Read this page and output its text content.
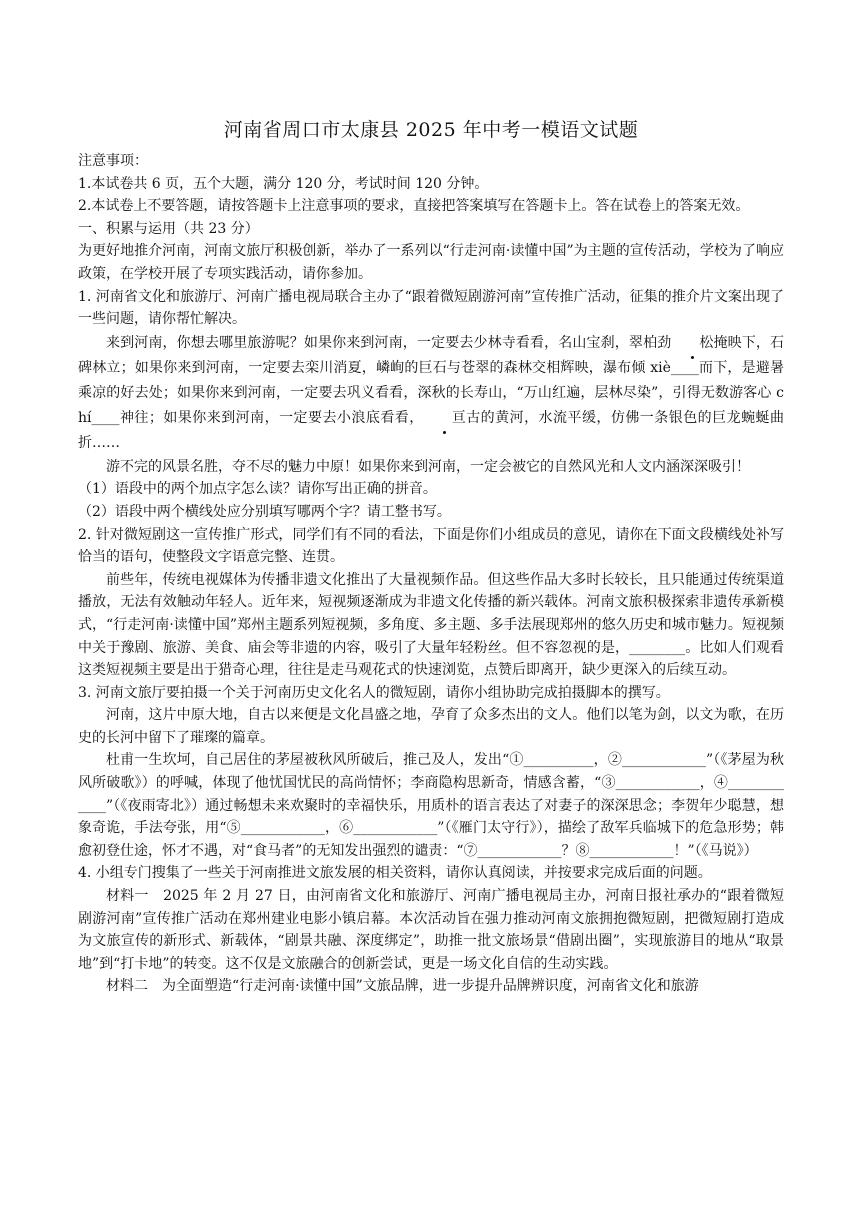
河南省周口市太康县 2025 年中考一模语文试题

注意事项：

1.本试卷共 6 页，五个大题，满分 120 分，考试时间 120 分钟。

2.本试卷上不要答题，请按答题卡上注意事项的要求，直接把答案填写在答题卡上。答在试卷上的答案无效。

一、积累与运用（共 23 分）

为更好地推介河南，河南文旅厅积极创新，举办了一系列以“行走河南·读懂中国”为主题的宣传活动，学校为了响应政策，在学校开展了专项实践活动，请你参加。

1. 河南省文化和旅游厅、河南广播电视局联合主办了“跟着微短剧游河南”宣传推广活动，征集的推介片文案出现了一些问题，请你帮忙解决。

来到河南，你想去哪里旅游呢？如果你来到河南，一定要去少林寺看看，名山宝刹，翠柏劲 松掩映下，石碑林立；如果你来到河南，一定要去栾川消夏，嶙峋的巨石与苍翠的森林交相辉映，瀑布倾 xiè____而下，是避暑乘凉的好去处；如果你来到河南，一定要去巩义看看，深秋的长寿山，“万山红遍，层林尽染”，引得无数游客心 chí____神往；如果你来到河南，一定要去小浪底看看， 亘古的黄河，水流平缓，仿佛一条银色的巨龙蜿蜒曲折……

游不完的风景名胜，夺不尽的魅力中原！如果你来到河南，一定会被它的自然风光和人文内涵深深吸引！

（1）语段中的两个加点字怎么读？请你写出正确的拼音。

（2）语段中两个横线处应分别填写哪两个字？请工整书写。

2. 针对微短剧这一宣传推广形式，同学们有不同的看法，下面是你们小组成员的意见，请你在下面文段横线处补写恰当的语句，使整段文字语意完整、连贯。

前些年，传统电视媒体为传播非遗文化推出了大量视频作品。但这些作品大多时长较长，且只能通过传统渠道播放，无法有效触动年轻人。近年来，短视频逐渐成为非遗文化传播的新兴载体。河南文旅积极探索非遗传承新模式，“行走河南·读懂中国”郑州主题系列短视频，多角度、多主题、多手法展现郑州的悠久历史和城市魅力。短视频中关于豫剧、旅游、美食、庙会等非遗的内容，吸引了大量年轻粉丝。但不容忽视的是，________。比如人们观看这类短视频主要是出于猎奇心理，往往是走马观花式的快速浏览，点赞后即离开，缺少更深入的后续互动。

3. 河南文旅厅要拍摄一个关于河南历史文化名人的微短剧，请你小组协助完成拍摄脚本的撰写。

河南，这片中原大地，自古以来便是文化昌盛之地，孕育了众多杰出的文人。他们以笔为剑，以文为歌，在历史的长河中留下了璀璨的篇章。

杜甫一生坎坷，自己居住的茅屋被秋风所破后，推己及人，发出“①__________，②____________”（《茅屋为秋风所破歌》）的呼喊，体现了他忧国忧民的高尚情怀；李商隐构思新奇，情感含蓄，“③____________，④____________”（《夜雨寄北》）通过畅想未来欢聚时的幸福快乐，用质朴的语言表达了对妻子的深深思念；李贺年少聪慧，想象奇诡，手法夸张，用“⑤____________，⑥____________”（《雁门太守行》），描绘了敌军兵临城下的危急形势；韩愈初登仕途，怀才不遇，对“食马者”的无知发出强烈的谴责：“⑦____________？⑧____________！”（《马说》）

4. 小组专门搜集了一些关于河南推进文旅发展的相关资料，请你认真阅读，并按要求完成后面的问题。

材料一　2025 年 2 月 27 日，由河南省文化和旅游厅、河南广播电视局主办，河南日报社承办的“跟着微短剧游河南”宣传推广活动在郑州建业电影小镇启幕。本次活动旨在强力推动河南文旅拥抱微短剧，把微短剧打造成为文旅宣传的新形式、新载体，“剧景共融、深度绑定”，助推一批文旅场景“借剧出圈”，实现旅游目的地从“取景地”到“打卡地”的转变。这不仅是文旅融合的创新尝试，更是一场文化自信的生动实践。

材料二　为全面塑造“行走河南·读懂中国”文旅品牌，进一步提升品牌辨识度，河南省文化和旅游
